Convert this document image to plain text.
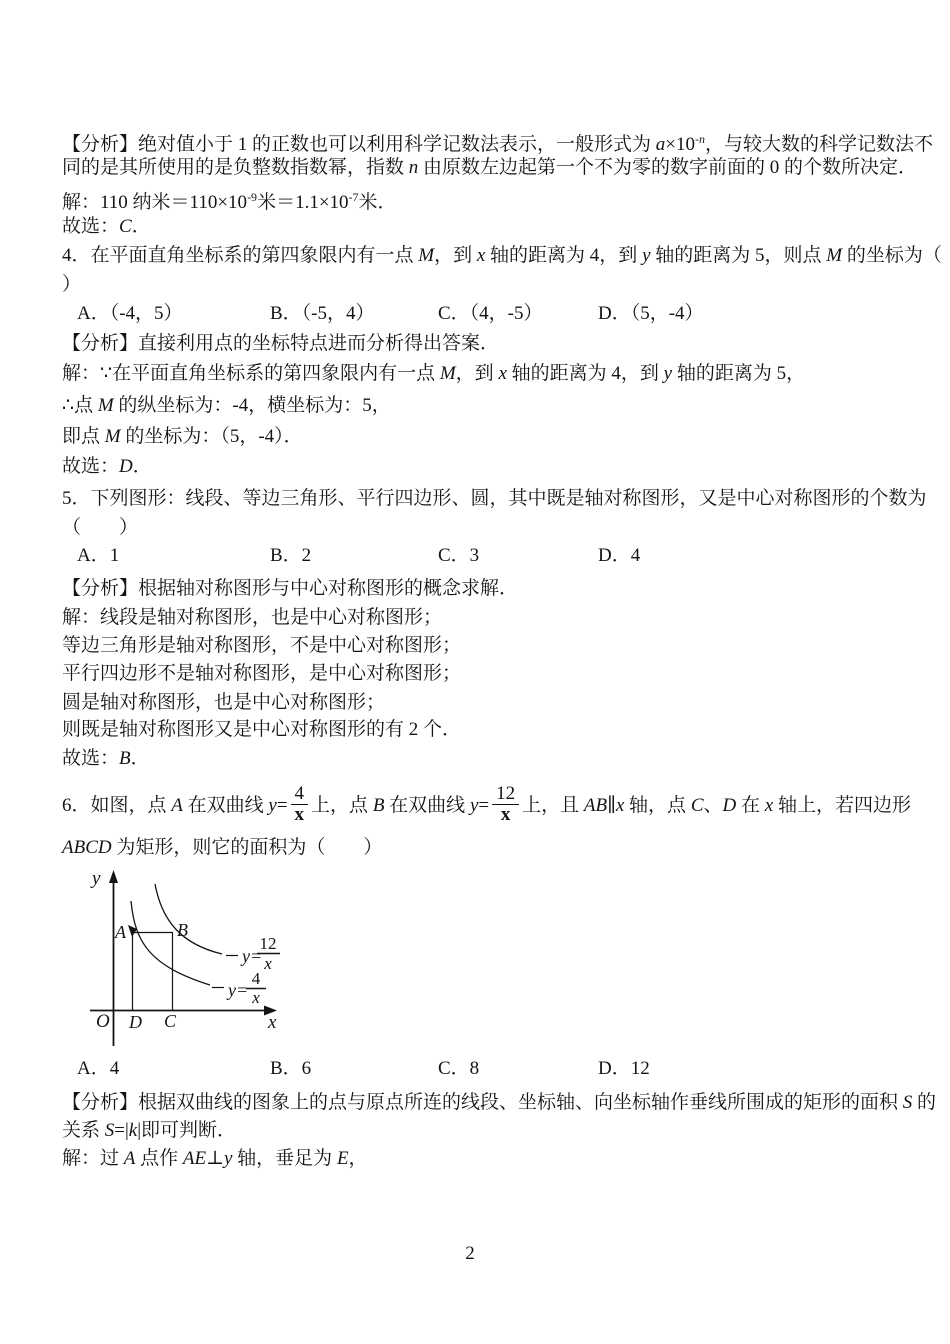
【分析】绝对值小于 1 的正数也可以利用科学记数法表示，一般形式为 $a\times 10^{-n}$，与较大数的科学记数法不
同的是其所使用的是负整数指数幂，指数 n 由原数左边起第一个不为零的数字前面的 0 的个数所决定．
解：110 纳米$=110\times 10^{-9}$米$=1.1\times 10^{-7}$米．
故选：C．
4．在平面直角坐标系的第四象限内有一点 M，到 x 轴的距离为 4，到 y 轴的距离为 5，则点 M 的坐标为（
）
A．（-4，5）	B．（-5，4）	C．（4，-5）	D．（5，-4）
【分析】直接利用点的坐标特点进而分析得出答案．
解：∵在平面直角坐标系的第四象限内有一点 M，到 x 轴的距离为 4，到 y 轴的距离为 5，
∴点 M 的纵坐标为：-4，横坐标为：5，
即点 M 的坐标为：（5，-4）．
故选：D．
5．下列图形：线段、等边三角形、平行四边形、圆，其中既是轴对称图形，又是中心对称图形的个数为
（　　）
A．1	B．2	C．3	D．4
【分析】根据轴对称图形与中心对称图形的概念求解．
解：线段是轴对称图形，也是中心对称图形；
等边三角形是轴对称图形，不是中心对称图形；
平行四边形不是轴对称图形，是中心对称图形；
圆是轴对称图形，也是中心对称图形；
则既是轴对称图形又是中心对称图形的有 2 个．
故选：B．
6．如图，点 A 在双曲线 $y= \frac{4}{x}$ 上，点 B 在双曲线 $y= \frac{12}{x}$ 上，且 AB∥x 轴，点 C、D 在 x 轴上，若四边形
ABCD 为矩形，则它的面积为（　　）
A．4	B．6	C．8	D．12
【分析】根据双曲线的图象上的点与原点所连的线段、坐标轴、向坐标轴作垂线所围成的矩形的面积 S 的
关系 S=|k|即可判断．
解：过 A 点作 AE⊥y 轴，垂足为 E，
y
x
O
A	B
D C
y=
12
x
y=
4
x
2
